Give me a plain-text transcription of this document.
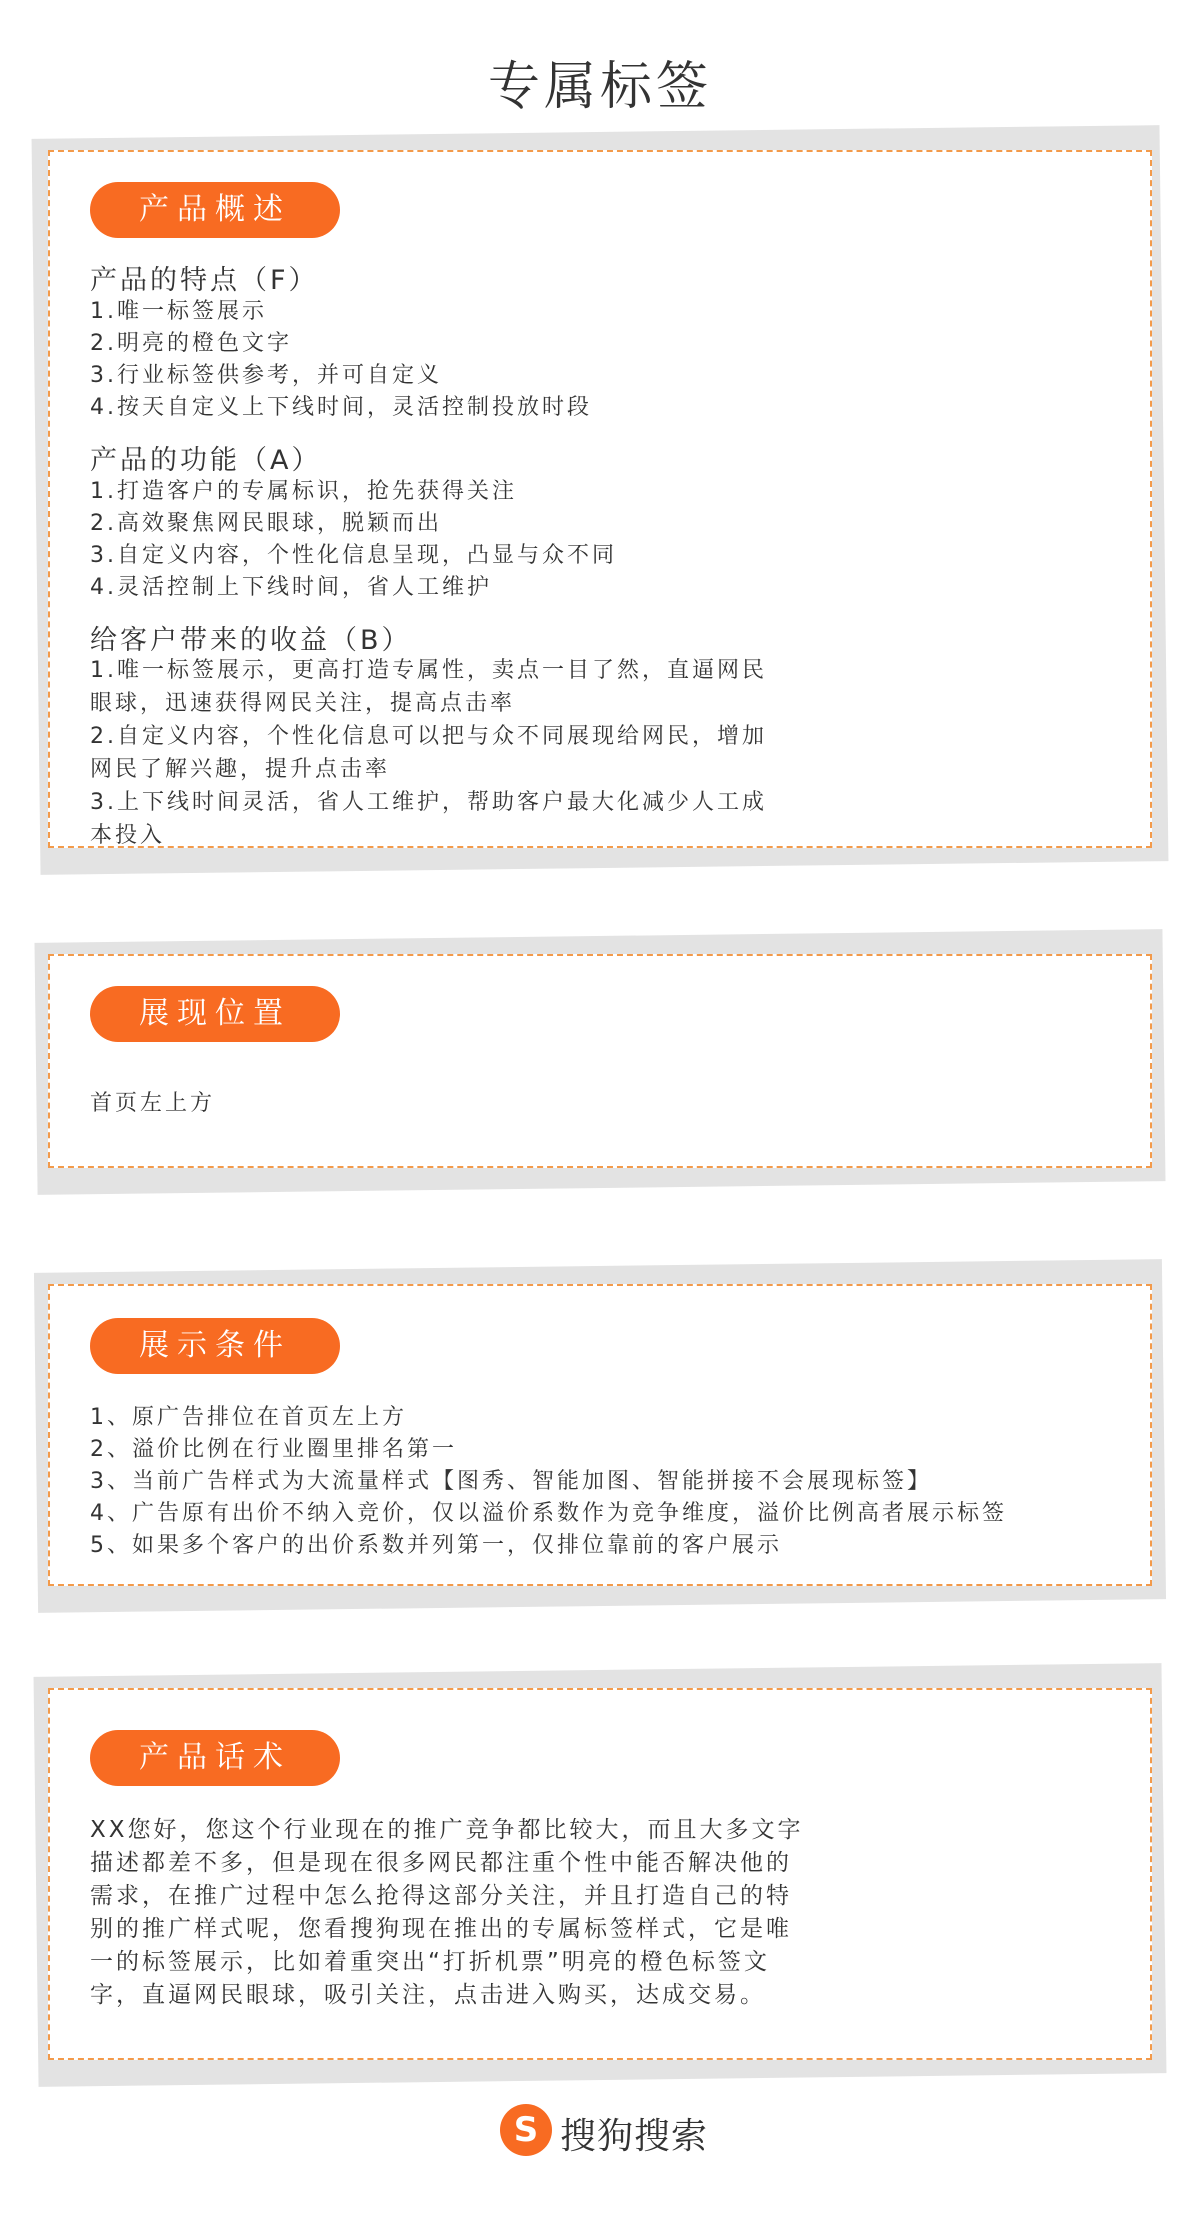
专属标签
产品概述
产品的特点（F）
1.唯一标签展示
2.明亮的橙色文字
3.行业标签供参考，并可自定义
4.按天自定义上下线时间，灵活控制投放时段
产品的功能（A）
1.打造客户的专属标识，抢先获得关注
2.高效聚焦网民眼球，脱颖而出
3.自定义内容，个性化信息呈现，凸显与众不同
4.灵活控制上下线时间，省人工维护
给客户带来的收益（B）
1.唯一标签展示，更高打造专属性，卖点一目了然，直逼网民眼球，迅速获得网民关注，提高点击率
2.自定义内容，个性化信息可以把与众不同展现给网民，增加网民了解兴趣，提升点击率
3.上下线时间灵活，省人工维护，帮助客户最大化减少人工成本投入
展现位置
首页左上方
展示条件
1、原广告排位在首页左上方
2、溢价比例在行业圈里排名第一
3、当前广告样式为大流量样式【图秀、智能加图、智能拼接不会展现标签】
4、广告原有出价不纳入竞价，仅以溢价系数作为竞争维度，溢价比例高者展示标签
5、如果多个客户的出价系数并列第一，仅排位靠前的客户展示
产品话术
XX您好，您这个行业现在的推广竞争都比较大，而且大多文字描述都差不多，但是现在很多网民都注重个性中能否解决他的需求，在推广过程中怎么抢得这部分关注，并且打造自己的特别的推广样式呢，您看搜狗现在推出的专属标签样式，它是唯一的标签展示，比如着重突出“打折机票”明亮的橙色标签文字，直逼网民眼球，吸引关注，点击进入购买，达成交易。
S 搜狗搜索
